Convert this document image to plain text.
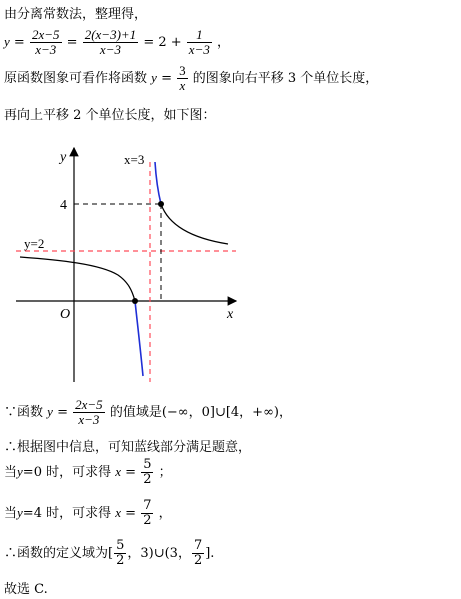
由分离常数法，整理得，
$y = \frac{2x-5}{x-3} = \frac{2(x-3)+1}{x-3} = 2 + \frac{1}{x-3}$ ，
原函数图象可看作将函数 $y = \frac{3}{x}$ 的图象向右平移 3 个单位长度，
再向上平移 2 个单位长度，如下图：
y
x
O
4
x=3
y=2
∵函数 $y = \frac{2x-5}{x-3}$ 的值域是(−∞，0]∪[4，+∞)，
∴根据图中信息，可知蓝线部分满足题意，
当y=0 时，可求得 $x = \frac{5}{2}$ ；
当y=4 时，可求得 $x = \frac{7}{2}$ ，
∴函数的定义域为[ $\frac{5}{2}$ ，3)∪(3， $\frac{7}{2}$ ].
故选 C.
